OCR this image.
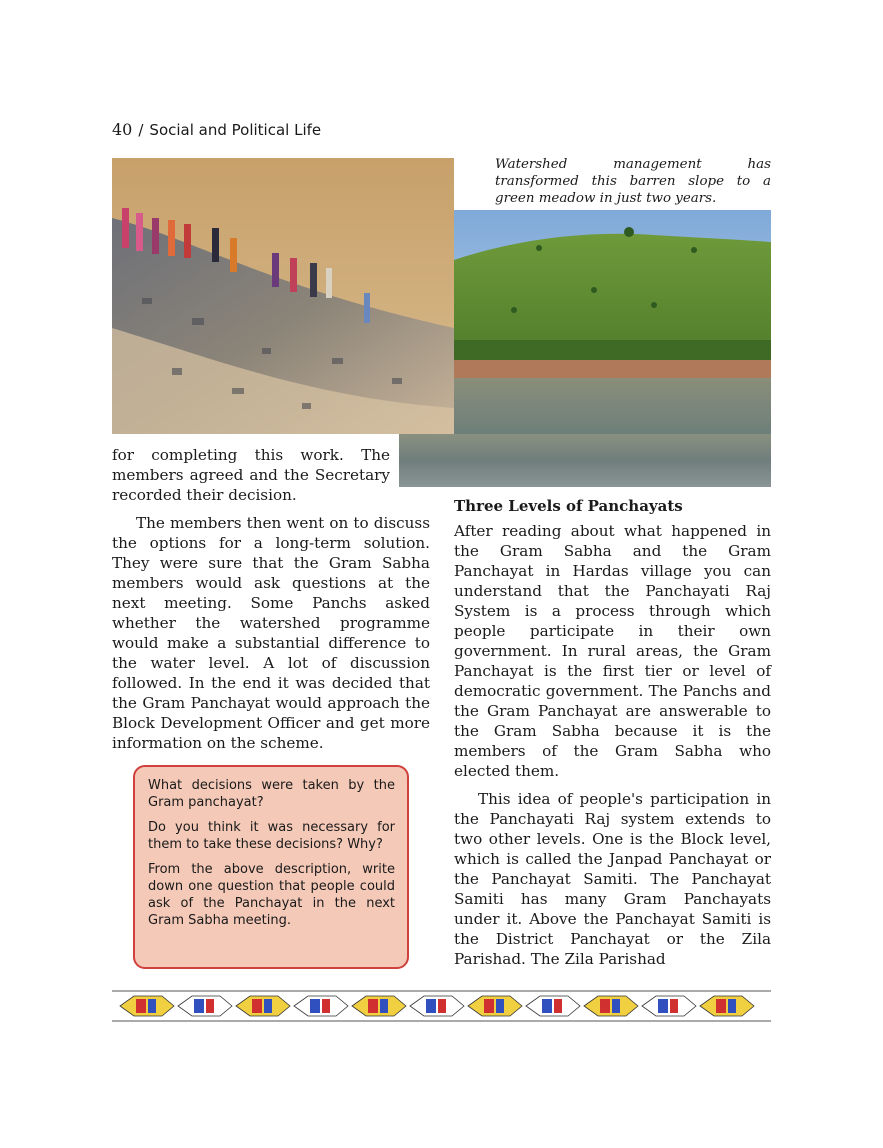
40 / Social and Political Life
Watershed management has transformed this barren slope to a green meadow in just two years.

for completing this work. The members agreed and the Secretary recorded their decision.

The members then went on to discuss the options for a long-term solution. They were sure that the Gram Sabha members would ask questions at the next meeting. Some Panchs asked whether the watershed programme would make a substantial difference to the water level. A lot of discussion followed. In the end it was decided that the Gram Panchayat would approach the Block Development Officer and get more information on the scheme.

Three Levels of Panchayats

After reading about what happened in the Gram Sabha and the Gram Panchayat in Hardas village you can understand that the Panchayati Raj System is a process through which people participate in their own government. In rural areas, the Gram Panchayat is the first tier or level of democratic government. The Panchs and the Gram Panchayat are answerable to the Gram Sabha because it is the members of the Gram Sabha who elected them.

This idea of people's participation in the Panchayati Raj system extends to two other levels. One is the Block level, which is called the Janpad Panchayat or the Panchayat Samiti. The Panchayat Samiti has many Gram Panchayats under it. Above the Panchayat Samiti is the District Panchayat or the Zila Parishad. The Zila Parishad

What decisions were taken by the Gram panchayat?

Do you think it was necessary for them to take these decisions? Why?

From the above description, write down one question that people could ask of the Panchayat in the next Gram Sabha meeting.
